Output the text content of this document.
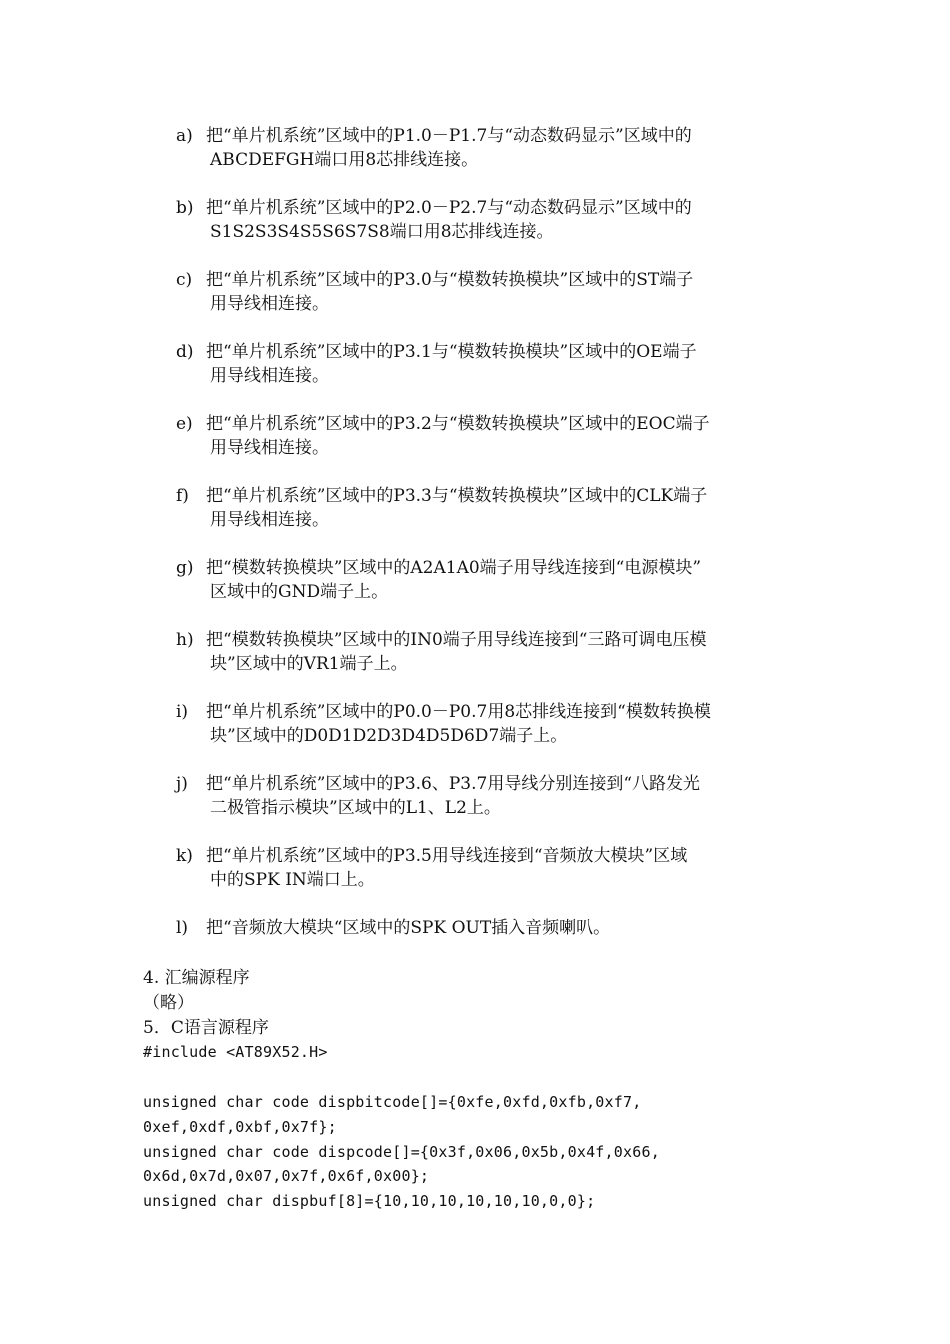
a) 把“单片机系统”区域中的P1.0－P1.7与“动态数码显示”区域中的
ABCDEFGH端口用8芯排线连接。
b) 把“单片机系统”区域中的P2.0－P2.7与“动态数码显示”区域中的
S1S2S3S4S5S6S7S8端口用8芯排线连接。
c) 把“单片机系统”区域中的P3.0与“模数转换模块”区域中的ST端子
用导线相连接。
d) 把“单片机系统”区域中的P3.1与“模数转换模块”区域中的OE端子
用导线相连接。
e) 把“单片机系统”区域中的P3.2与“模数转换模块”区域中的EOC端子
用导线相连接。
f)	把“单片机系统”区域中的P3.3与“模数转换模块”区域中的CLK端子
用导线相连接。
g) 把“模数转换模块”区域中的A2A1A0端子用导线连接到“电源模块”
区域中的GND端子上。
h) 把“模数转换模块”区域中的IN0端子用导线连接到“三路可调电压模
块”区域中的VR1端子上。
i)	把“单片机系统”区域中的P0.0－P0.7用8芯排线连接到“模数转换模
块”区域中的D0D1D2D3D4D5D6D7端子上。
j)	把“单片机系统”区域中的P3.6、P3.7用导线分别连接到“八路发光
二极管指示模块”区域中的L1、L2上。
k) 把“单片机系统”区域中的P3.5用导线连接到“音频放大模块”区域
中的SPK IN端口上。
l)	把“音频放大模块“区域中的SPK OUT插入音频喇叭。
4. 汇编源程序
（略）
5．C语言源程序
#include <AT89X52.H>
unsigned char code dispbitcode[]={0xfe,0xfd,0xfb,0xf7,
0xef,0xdf,0xbf,0x7f};
unsigned char code dispcode[]={0x3f,0x06,0x5b,0x4f,0x66,
0x6d,0x7d,0x07,0x7f,0x6f,0x00};
unsigned char dispbuf[8]={10,10,10,10,10,10,0,0};
